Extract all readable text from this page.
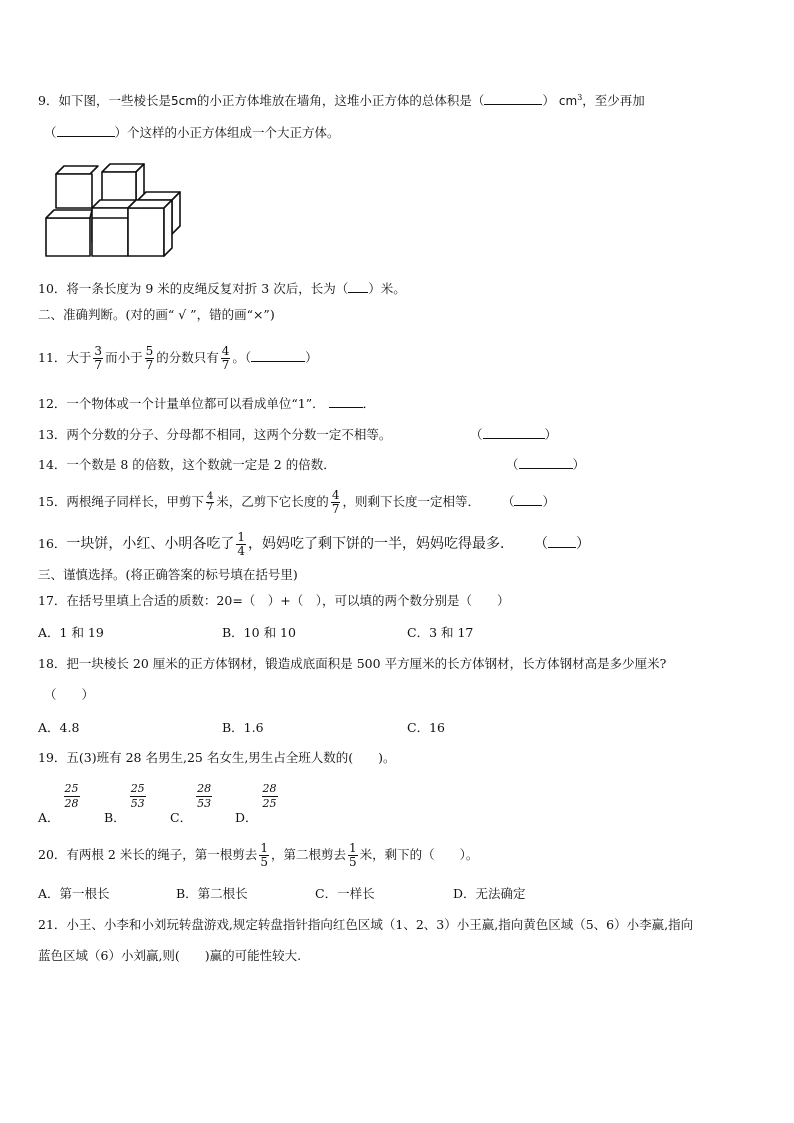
9．如下图，一些棱长是5cm的小正方体堆放在墙角，这堆小正方体的总体积是（	） $cm^3$，至少再加
（	）个这样的小正方体组成一个大正方体。
10．将一条长度为 9 米的皮绳反复对折 3 次后，长为（ ）米。
二、准确判断。(对的画“ √ ”，错的画“×”)
11．大于 $\frac{3}{7}$ 而小于 $\frac{5}{7}$ 的分数只有 $\frac{4}{7}$ 。（	）
12．一个物体或一个计量单位都可以看成单位“1”．	．
13．两个分数的分子、分母都不相同，这两个分数一定不相等。	（	）
14．一个数是 8 的倍数，这个数就一定是 2 的倍数．	（	）
15．两根绳子同样长，甲剪下 $\frac{4}{7}$ 米，乙剪下它长度的 $\frac{4}{7}$ ，则剩下长度一定相等． （ ）
16．一块饼，小红、小明各吃了 $\frac{1}{4}$ ，妈妈吃了剩下饼的一半，妈妈吃得最多． （ ）
三、谨慎选择。(将正确答案的标号填在括号里)
17．在括号里填上合适的质数：20=（　）+（　），可以填的两个数分别是（　　）
A．1 和 19	B．10 和 10	C．3 和 17
18．把一块棱长 20 厘米的正方体钢材，锻造成底面积是 500 平方厘米的长方体钢材，长方体钢材高是多少厘米?
（　　）
A．4.8	B．1.6	C．16
19．五(3)班有 28 名男生,25 名女生,男生占全班人数的(　　)。
A．
$\frac{25}{28}$
B．
$\frac{25}{53}$
C．
$\frac{28}{53}$
D．
$\frac{28}{25}$
20．有两根 2 米长的绳子，第一根剪去 $\frac{1}{5}$ ，第二根剪去 $\frac{1}{5}$ 米，剩下的（　　）。
A．第一根长	B．第二根长	C．一样长	D．无法确定
21．小王、小李和小刘玩转盘游戏,规定转盘指针指向红色区域（1、2、3）小王赢,指向黄色区域（5、6）小李赢,指向
蓝色区域（6）小刘赢,则(　　)赢的可能性较大.
